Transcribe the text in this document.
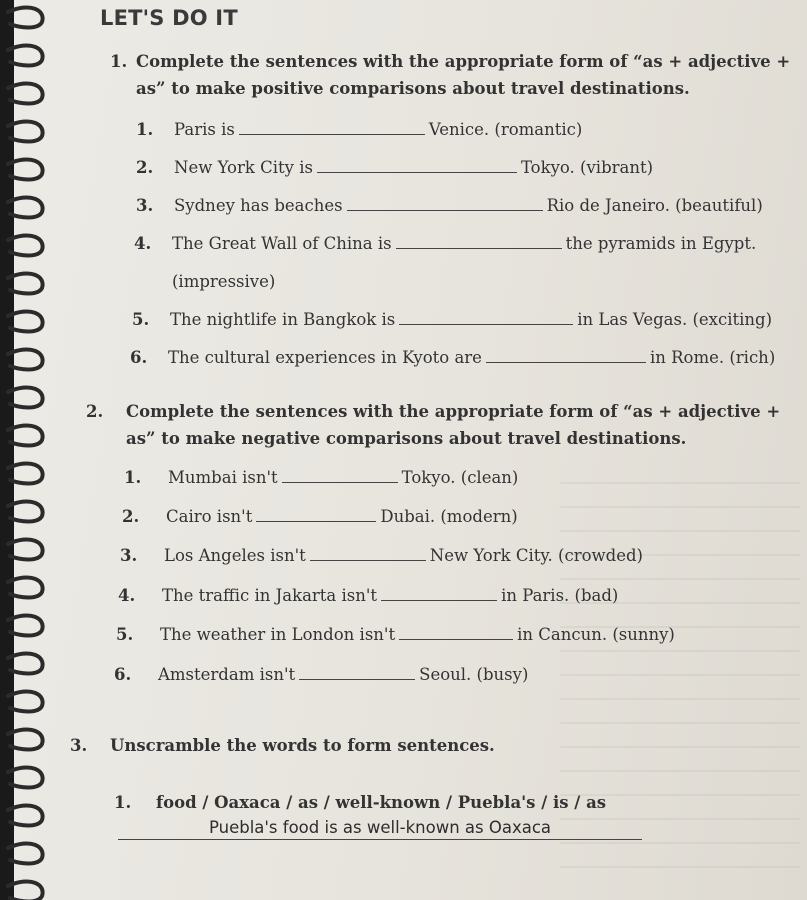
LET'S DO IT
1. Complete the sentences with the appropriate form of “as + adjective + as” to make positive comparisons about travel destinations.
1. Paris is	Venice. (romantic)
2. New York City is	Tokyo. (vibrant)
3. Sydney has beaches	Rio de Janeiro. (beautiful)
4. The Great Wall of China is	the pyramids in Egypt.
(impressive)
5. The nightlife in Bangkok is	in Las Vegas. (exciting)
6. The cultural experiences in Kyoto are	in Rome. (rich)
2. Complete the sentences with the appropriate form of “as + adjective + as” to make negative comparisons about travel destinations.
1. Mumbai isn't	Tokyo. (clean)
2. Cairo isn't	Dubai. (modern)
3. Los Angeles isn't	New York City. (crowded)
4. The traffic in Jakarta isn't	in Paris. (bad)
5. The weather in London isn't	in Cancun. (sunny)
6. Amsterdam isn't	Seoul. (busy)
3. Unscramble the words to form sentences.
1. food / Oaxaca / as / well-known / Puebla's / is / as
Puebla's food is as well-known as Oaxaca
